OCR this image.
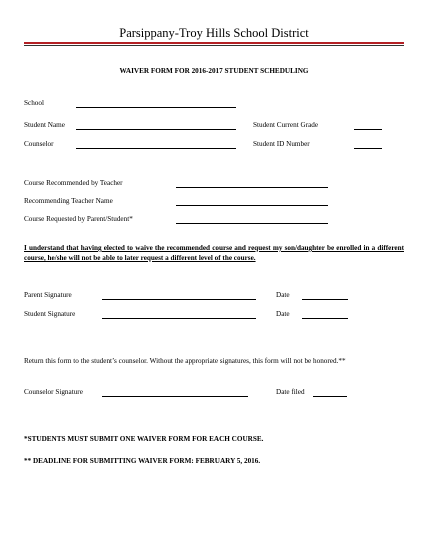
Parsippany-Troy Hills School District
WAIVER FORM FOR 2016-2017 STUDENT SCHEDULING
School
Student Name	Student Current Grade
Counselor	Student ID Number
Course Recommended by Teacher
Recommending Teacher Name
Course Requested by Parent/Student*
I understand that having elected to waive the recommended course and request my son/daughter be enrolled in a different course, he/she will not be able to later request a different level of the course.
Parent Signature	Date
Student Signature	Date
Return this form to the student’s counselor. Without the appropriate signatures, this form will not be honored.**
Counselor Signature	Date filed
*STUDENTS MUST SUBMIT ONE WAIVER FORM FOR EACH COURSE.
** DEADLINE FOR SUBMITTING WAIVER FORM: FEBRUARY 5, 2016.
